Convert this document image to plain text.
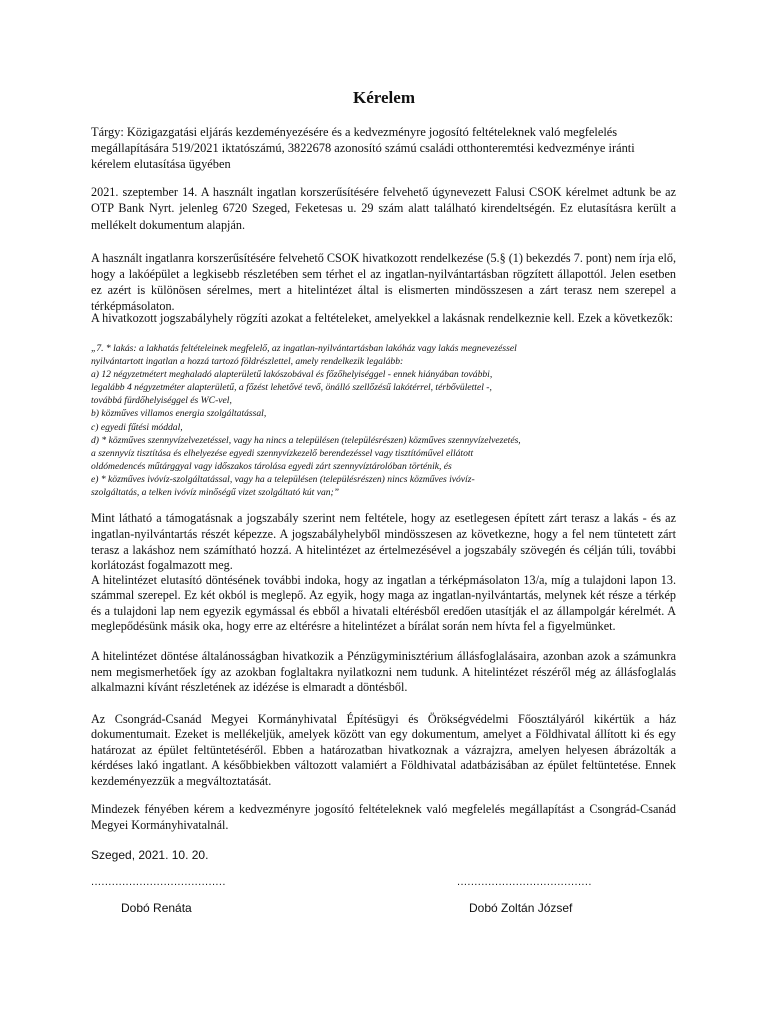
Kérelem

Tárgy: Közigazgatási eljárás kezdeményezésére és a kedvezményre jogosító feltételeknek való megfelelés megállapítására 519/2021 iktatószámú, 3822678 azonosító számú családi otthonteremtési kedvezménye iránti kérelem elutasítása ügyében

2021. szeptember 14. A használt ingatlan korszerűsítésére felvehető úgynevezett Falusi CSOK kérelmet adtunk be az OTP Bank Nyrt. jelenleg 6720 Szeged, Feketesas u. 29 szám alatt található kirendeltségén. Ez elutasításra került a mellékelt dokumentum alapján.

A használt ingatlanra korszerűsítésére felvehető CSOK hivatkozott rendelkezése (5.§ (1) bekezdés 7. pont) nem írja elő, hogy a lakóépület a legkisebb részletében sem térhet el az ingatlan-nyilvántartásban rögzített állapottól. Jelen esetben ez azért is különösen sérelmes, mert a hitelintézet által is elismerten mindösszesen a zárt terasz nem szerepel a térképmásolaton.

A hivatkozott jogszabályhely rögzíti azokat a feltételeket, amelyekkel a lakásnak rendelkeznie kell. Ezek a következők:

„7. * lakás: a lakhatás feltételeinek megfelelő, az ingatlan-nyilvántartásban lakóház vagy lakás megnevezéssel
nyilvántartott ingatlan a hozzá tartozó földrészlettel, amely rendelkezik legalább:
a) 12 négyzetmétert meghaladó alapterületű lakószobával és főzőhelyiséggel - ennek hiányában további,
legalább 4 négyzetméter alapterületű, a főzést lehetővé tevő, önálló szellőzésű lakótérrel, térbővülettel -,
továbbá fürdőhelyiséggel és WC-vel,
b) közműves villamos energia szolgáltatással,
c) egyedi fűtési móddal,
d) * közműves szennyvízelvezetéssel, vagy ha nincs a településen (településrészen) közműves szennyvízelvezetés,
a szennyvíz tisztítása és elhelyezése egyedi szennyvízkezelő berendezéssel vagy tisztítóművel ellátott
oldómedencés műtárggyal vagy időszakos tárolása egyedi zárt szennyvíztárolóban történik, és
e) * közműves ivóvíz-szolgáltatással, vagy ha a településen (településrészen) nincs közműves ivóvíz-
szolgáltatás, a telken ivóvíz minőségű vizet szolgáltató kút van;”

Mint látható a támogatásnak a jogszabály szerint nem feltétele, hogy az esetlegesen épített zárt terasz a lakás - és az ingatlan-nyilvántartás részét képezze. A jogszabályhelyből mindösszesen az következne, hogy a fel nem tüntetett zárt terasz a lakáshoz nem számítható hozzá. A hitelintézet az értelmezésével a jogszabály szövegén és célján túli, további korlátozást fogalmazott meg.

A hitelintézet elutasító döntésének további indoka, hogy az ingatlan a térképmásolaton 13/a, míg a tulajdoni lapon 13. számmal szerepel. Ez két okból is meglepő. Az egyik, hogy maga az ingatlan-nyilvántartás, melynek két része a térkép és a tulajdoni lap nem egyezik egymással és ebből a hivatali eltérésből eredően utasítják el az állampolgár kérelmét. A meglepődésünk másik oka, hogy erre az eltérésre a hitelintézet a bírálat során nem hívta fel a figyelmünket.

A hitelintézet döntése általánosságban hivatkozik a Pénzügyminisztérium állásfoglalásaira, azonban azok a számunkra nem megismerhetőek így az azokban foglaltakra nyilatkozni nem tudunk. A hitelintézet részéről még az állásfoglalás alkalmazni kívánt részletének az idézése is elmaradt a döntésből.

Az Csongrád-Csanád Megyei Kormányhivatal Építésügyi és Örökségvédelmi Főosztályáról kikértük a ház dokumentumait. Ezeket is mellékeljük, amelyek között van egy dokumentum, amelyet a Földhivatal állított ki és egy határozat az épület feltüntetéséről. Ebben a határozatban hivatkoznak a vázrajzra, amelyen helyesen ábrázolták a kérdéses lakó ingatlant. A későbbiekben változott valamiért a Földhivatal adatbázisában az épület feltüntetése. Ennek kezdeményezzük a megváltoztatását.

Mindezek fényében kérem a kedvezményre jogosító feltételeknek való megfelelés megállapítást a Csongrád-Csanád Megyei Kormányhivatalnál.

Szeged, 2021. 10. 20.
.......................................	.......................................
Dobó Renáta	Dobó Zoltán József
